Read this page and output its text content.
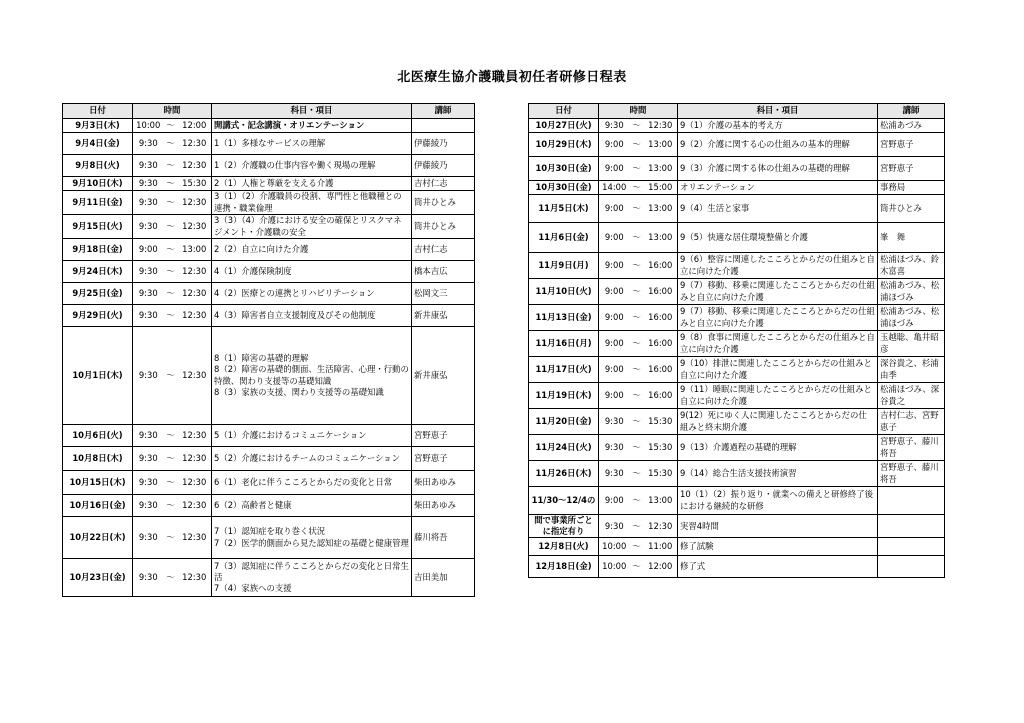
北医療生協介護職員初任者研修日程表
日付	時間			科目・項目	講師
9月3日(木)	10:00	〜	12:00	開講式・記念講演・オリエンテーション	

9月4日(金)	9:30	〜	12:30	1（1）多様なサービスの理解	伊藤綾乃
9月8日(火)	9:30	〜	12:30	1（2）介護職の仕事内容や働く現場の理解	伊藤綾乃
9月10日(木)	9:30	〜	15:30	2（1）人権と尊厳を支える介護	吉村仁志
9月11日(金)	9:30	〜	12:30	3（1）（2）介護職員の役割、専門性と他職種との連携・職業倫理	筒井ひとみ
9月15日(火)	9:30	〜	12:30	3（3）（4）介護における安全の確保とリスクマネジメント・介護職の安全	筒井ひとみ
9月18日(金)	9:00	〜	13:00	2（2）自立に向けた介護	吉村仁志
9月24日(木)	9:30	〜	12:30	4（1）介護保険制度	橋本吉広
9月25日(金)	9:30	〜	12:30	4（2）医療との連携とリハビリテーション	松岡文三
9月29日(火)	9:30	〜	12:30	4（3）障害者自立支援制度及びその他制度	新井康弘
10月1日(木)	9:30	〜	12:30	8（1）障害の基礎的理解

8（2）障害の基礎的側面、生活障害、心理・行動の特徴、関わり支援等の基礎知識

8（3）家族の支援、関わり支援等の基礎知識	新井康弘
10月6日(火)	9:30	〜	12:30	5（1）介護におけるコミュニケーション	宮野恵子
10月8日(木)	9:30	〜	12:30	5（2）介護におけるチームのコミュニケーション	宮野恵子
10月15日(木)	9:30	〜	12:30	6（1）老化に伴うこころとからだの変化と日常	柴田あゆみ
10月16日(金)	9:30	〜	12:30	6（2）高齢者と健康	柴田あゆみ
10月22日(木)	9:30	〜	12:30	7（1）認知症を取り巻く状況

7（2）医学的側面から見た認知症の基礎と健康管理	藤川将吾
10月23日(金)	9:30	〜	12:30	7（3）認知症に伴うこころとからだの変化と日常生活

7（4）家族への支援	吉田美加
日付	時間			科目・項目	講師
10月27日(火)	9:30	〜	12:30	9（1）介護の基本的考え方	松浦あづみ
10月29日(木)	9:00	〜	13:00	9（2）介護に関する心の仕組みの基本的理解	宮野恵子
10月30日(金)	9:00	〜	13:00	9（3）介護に関する体の仕組みの基礎的理解	宮野恵子
10月30日(金)	14:00	〜	15:00	オリエンテーション	事務局
11月5日(木)	9:00	〜	13:00	9（4）生活と家事	筒井ひとみ
11月6日(金)	9:00	〜	13:00	9（5）快適な居住環境整備と介護	峯　舞
11月9日(月)	9:00	〜	16:00	9（6）整容に関連したこころとからだの仕組みと自立に向けた介護	松浦ほづみ、鈴木富喜
11月10日(火)	9:00	〜	16:00	9（7）移動、移乗に関連したこころとからだの仕組みと自立に向けた介護	松浦あづみ、松浦ほづみ
11月13日(金)	9:00	〜	16:00	9（7）移動、移乗に関連したこころとからだの仕組みと自立に向けた介護	松浦あづみ、松浦ほづみ
11月16日(月)	9:00	〜	16:00	9（8）食事に関連したこころとからだの仕組みと自立に向けた介護	玉越聡、亀井昭彦
11月17日(火)	9:00	〜	16:00	9（10）排泄に関連したこころとからだの仕組みと自立に向けた介護	深谷貴之、杉浦由季
11月19日(木)	9:00	〜	16:00	9（11）睡眠に関連したこころとからだの仕組みと自立に向けた介護	松浦ほづみ、深谷貴之
11月20日(金)	9:30	〜	15:30	9(12）死にゆく人に関連したこころとからだの仕組みと終末期介護	吉村仁志、宮野恵子
11月24日(火)	9:30	〜	15:30	9（13）介護過程の基礎的理解	宮野恵子、藤川将吾
11月26日(木)	9:30	〜	15:30	9（14）総合生活支援技術演習	宮野恵子、藤川将吾
11/30〜12/4の	9:00	〜	13:00	10（1）（2）振り返り・就業への備えと研修終了後における継続的な研修	

間で事業所ごとに指定有り	9:30	〜	12:30	実習4時間	

12月8日(火)	10:00	〜	11:00	修了試験	

12月18日(金)	10:00	〜	12:00	修了式	
